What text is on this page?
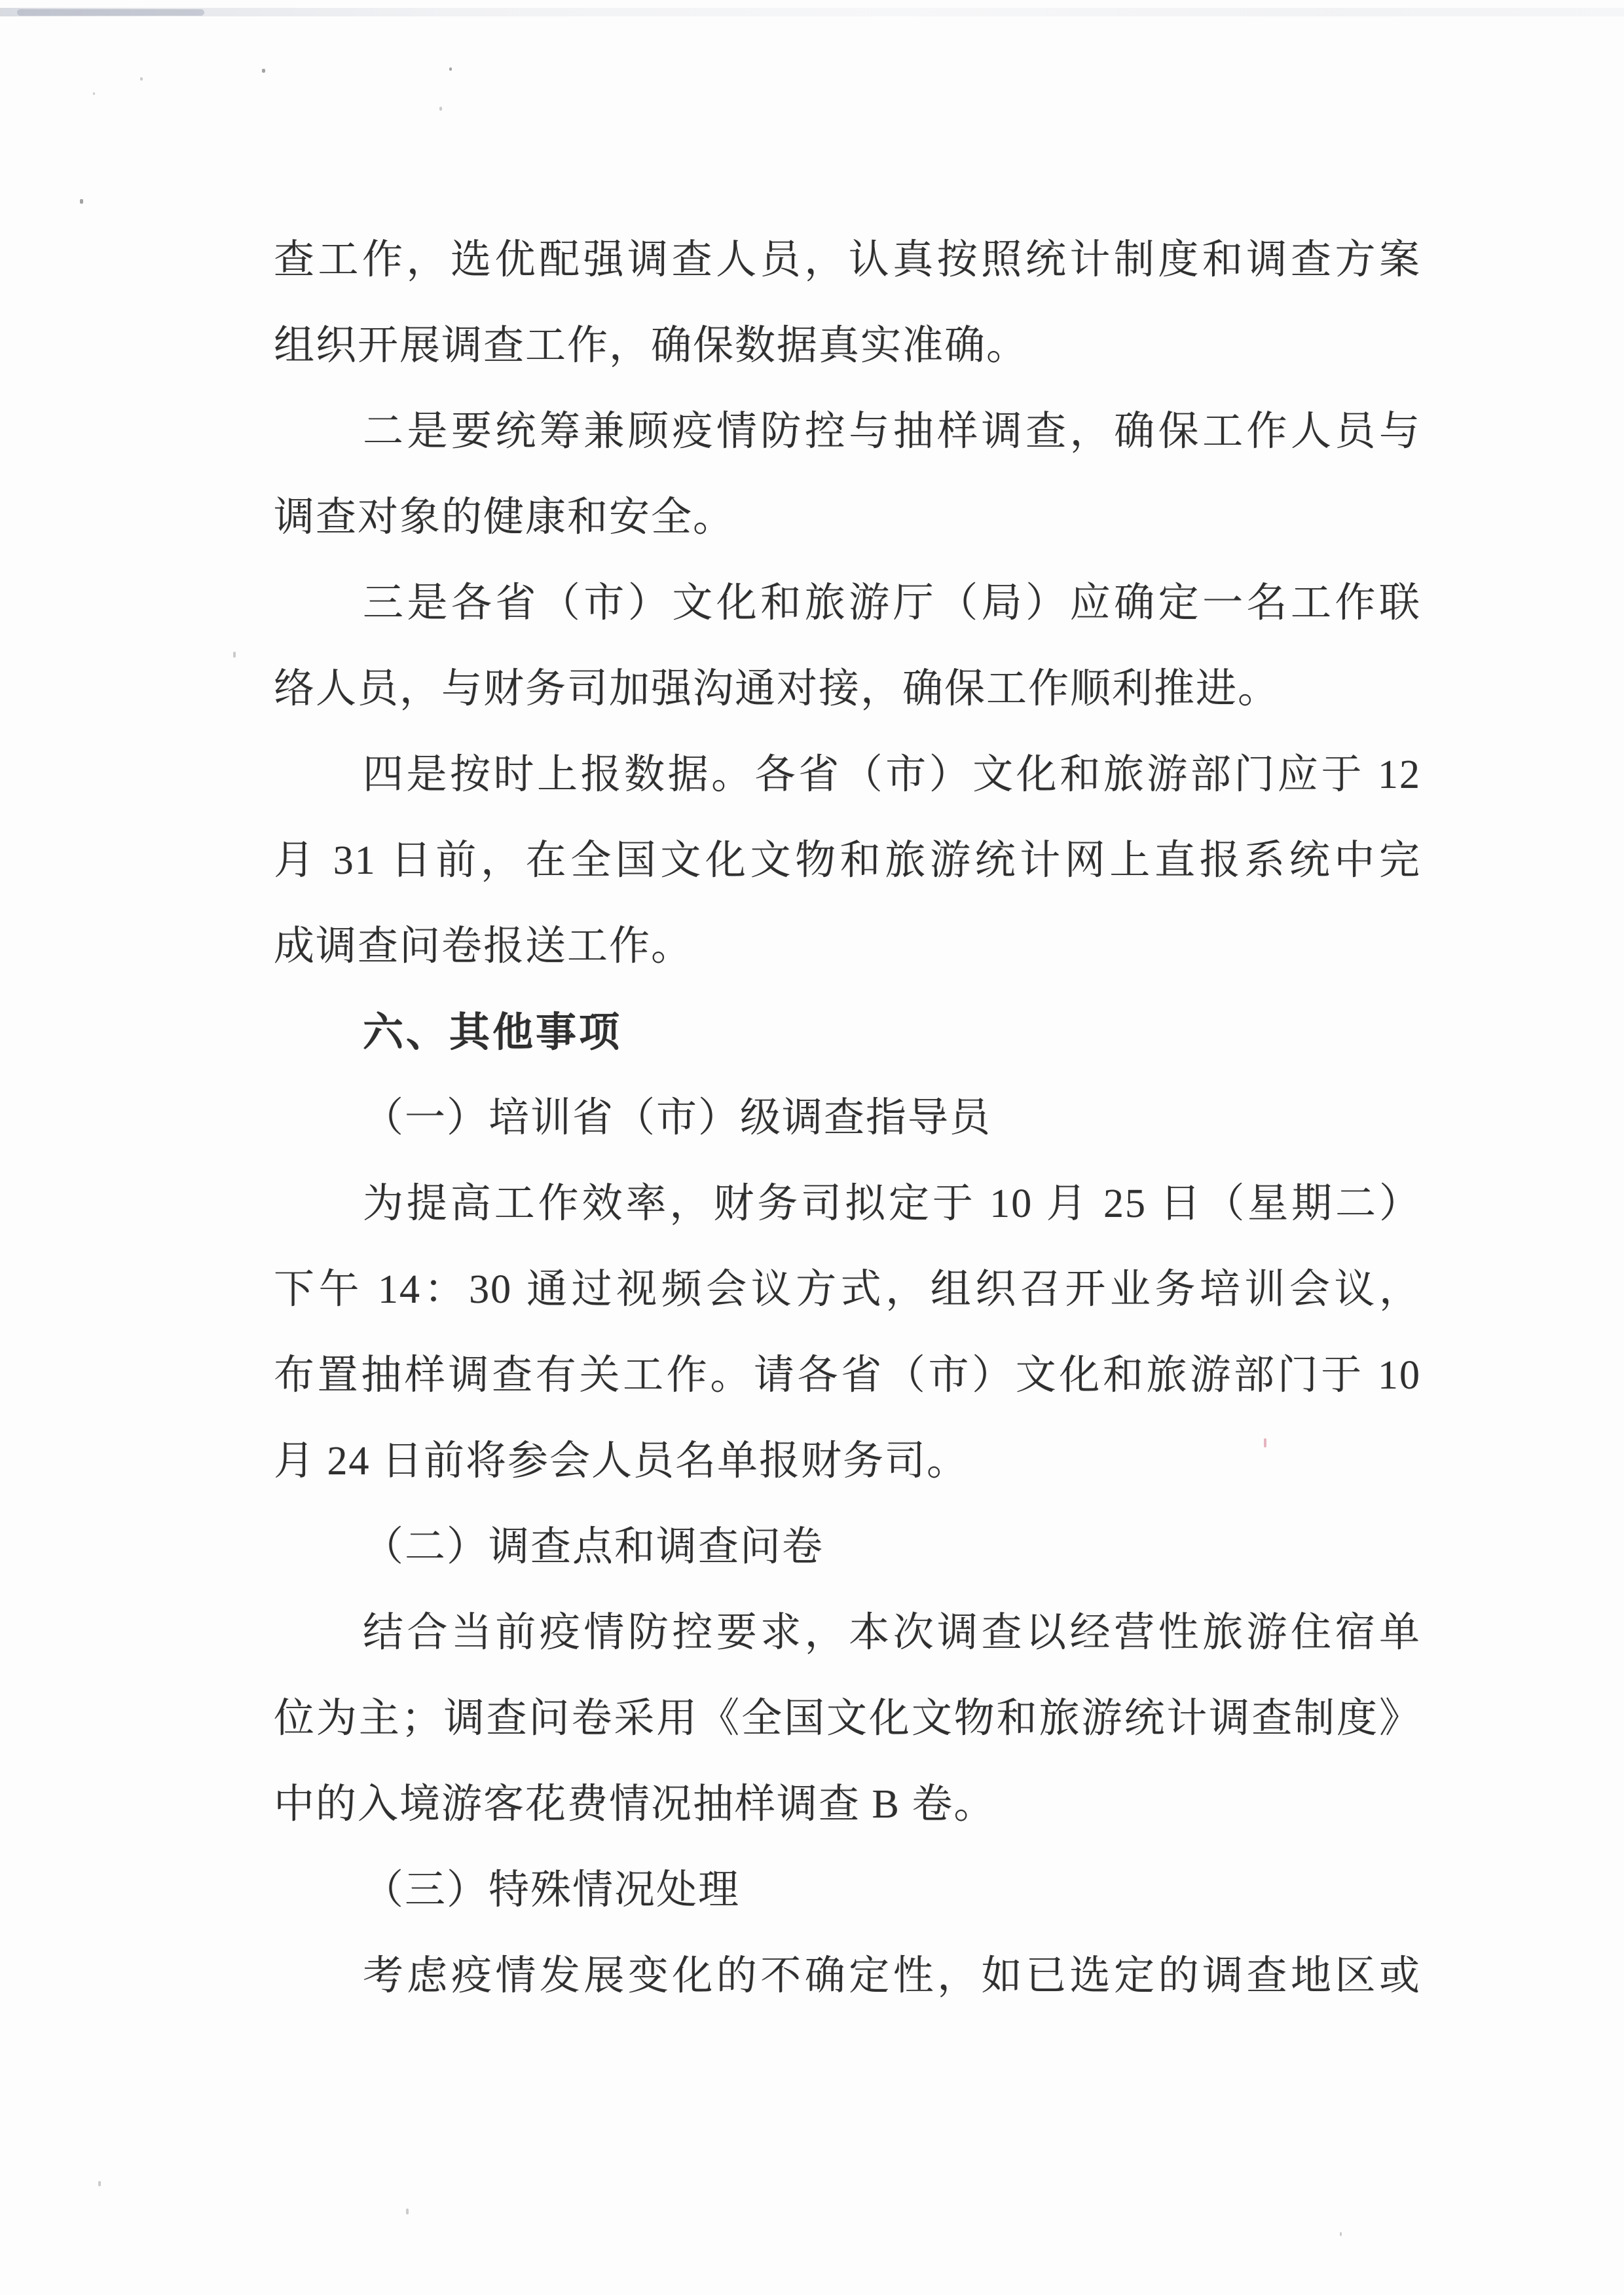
查工作，选优配强调查人员，认真按照统计制度和调查方案
组织开展调查工作，确保数据真实准确。
二是要统筹兼顾疫情防控与抽样调查，确保工作人员与
调查对象的健康和安全。
三是各省（市）文化和旅游厅（局）应确定一名工作联
络人员，与财务司加强沟通对接，确保工作顺利推进。
四是按时上报数据。各省（市）文化和旅游部门应于 12
月 31 日前，在全国文化文物和旅游统计网上直报系统中完
成调查问卷报送工作。
六、其他事项
（一）培训省（市）级调查指导员
为提高工作效率，财务司拟定于 10 月 25 日（星期二）
下午 14：30 通过视频会议方式，组织召开业务培训会议，
布置抽样调查有关工作。请各省（市）文化和旅游部门于 10
月 24 日前将参会人员名单报财务司。
（二）调查点和调查问卷
结合当前疫情防控要求，本次调查以经营性旅游住宿单
位为主；调查问卷采用《全国文化文物和旅游统计调查制度》
中的入境游客花费情况抽样调查 B 卷。
（三）特殊情况处理
考虑疫情发展变化的不确定性，如已选定的调查地区或
